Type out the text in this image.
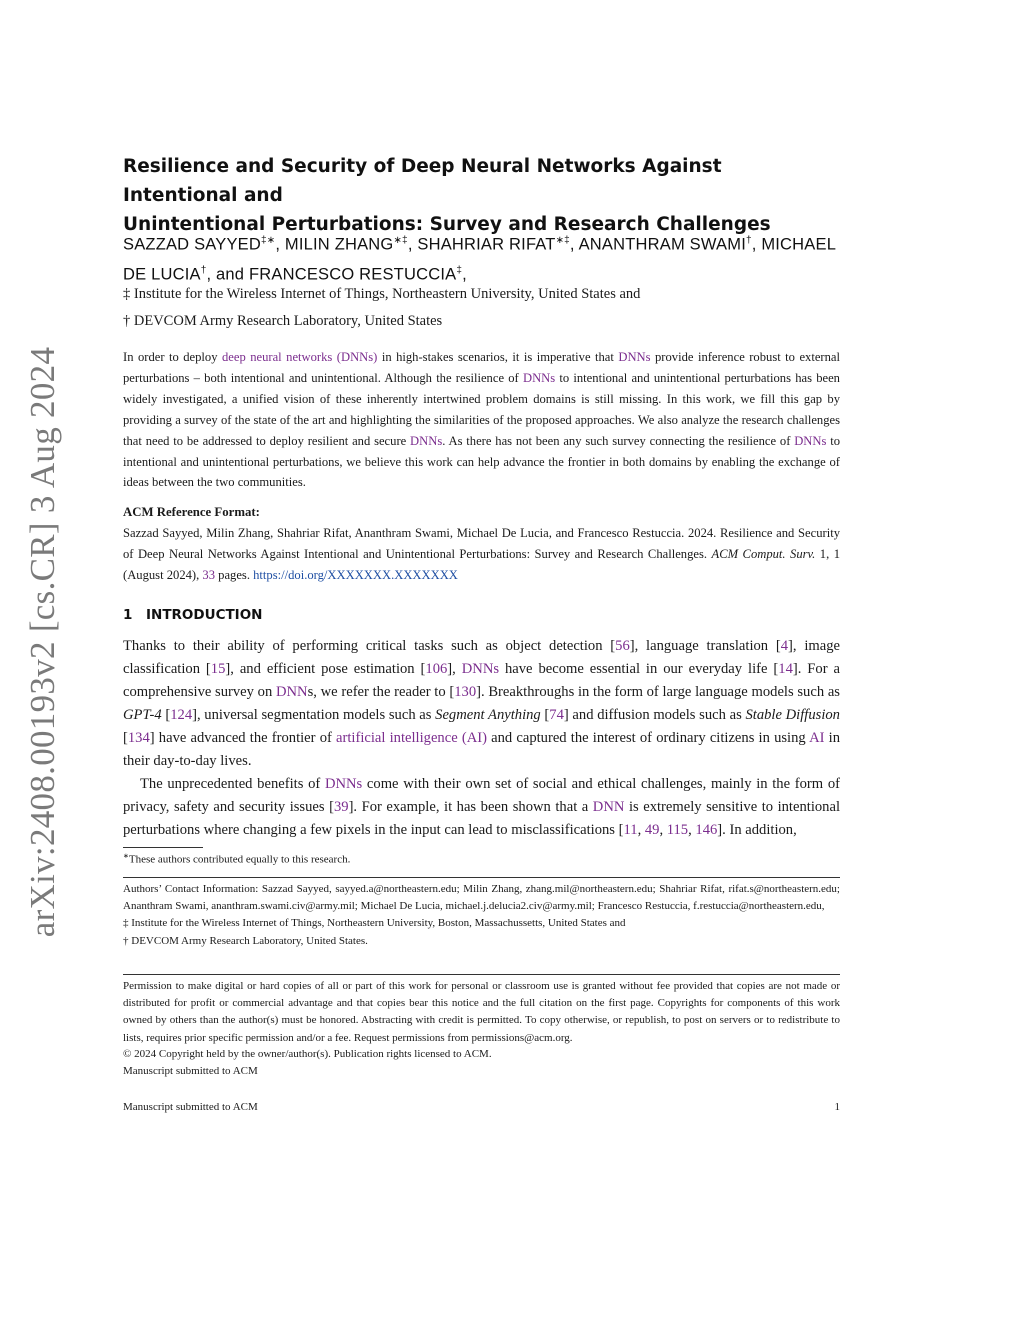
arXiv:2408.00193v2 [cs.CR] 3 Aug 2024
Resilience and Security of Deep Neural Networks Against Intentional and
Unintentional Perturbations: Survey and Research Challenges
SAZZAD SAYYED‡∗, MILIN ZHANG∗‡, SHAHRIAR RIFAT∗‡, ANANTHRAM SWAMI†, MICHAEL DE LUCIA†, and FRANCESCO RESTUCCIA‡,
‡ Institute for the Wireless Internet of Things, Northeastern University, United States and
† DEVCOM Army Research Laboratory, United States

In order to deploy deep neural networks (DNNs) in high-stakes scenarios, it is imperative that DNNs provide inference robust to external perturbations – both intentional and unintentional. Although the resilience of DNNs to intentional and unintentional perturbations has been widely investigated, a unified vision of these inherently intertwined problem domains is still missing. In this work, we fill this gap by providing a survey of the state of the art and highlighting the similarities of the proposed approaches. We also analyze the research challenges that need to be addressed to deploy resilient and secure DNNs. As there has not been any such survey connecting the resilience of DNNs to intentional and unintentional perturbations, we believe this work can help advance the frontier in both domains by enabling the exchange of ideas between the two communities.

ACM Reference Format:

Sazzad Sayyed, Milin Zhang, Shahriar Rifat, Ananthram Swami, Michael De Lucia, and Francesco Restuccia. 2024. Resilience and Security of Deep Neural Networks Against Intentional and Unintentional Perturbations: Survey and Research Challenges. ACM Comput. Surv. 1, 1 (August 2024), 33 pages. https://doi.org/XXXXXXX.XXXXXXX

1 INTRODUCTION

Thanks to their ability of performing critical tasks such as object detection [56], language translation [4], image classification [15], and efficient pose estimation [106], DNNs have become essential in our everyday life [14]. For a comprehensive survey on DNNs, we refer the reader to [130]. Breakthroughs in the form of large language models such as GPT-4 [124], universal segmentation models such as Segment Anything [74] and diffusion models such as Stable Diffusion [134] have advanced the frontier of artificial intelligence (AI) and captured the interest of ordinary citizens in using AI in their day-to-day lives.

The unprecedented benefits of DNNs come with their own set of social and ethical challenges, mainly in the form of privacy, safety and security issues [39]. For example, it has been shown that a DNN is extremely sensitive to intentional perturbations where changing a few pixels in the input can lead to misclassifications [11, 49, 115, 146]. In addition,

∗These authors contributed equally to this research.
Authors’ Contact Information: Sazzad Sayyed, sayyed.a@northeastern.edu; Milin Zhang, zhang.mil@northeastern.edu; Shahriar Rifat, rifat.s@northeastern.edu; Ananthram Swami, ananthram.swami.civ@army.mil; Michael De Lucia, michael.j.delucia2.civ@army.mil; Francesco Restuccia, f.restuccia@northeastern.edu,
‡ Institute for the Wireless Internet of Things, Northeastern University, Boston, Massachussetts, United States and
† DEVCOM Army Research Laboratory, United States.

Permission to make digital or hard copies of all or part of this work for personal or classroom use is granted without fee provided that copies are not made or distributed for profit or commercial advantage and that copies bear this notice and the full citation on the first page. Copyrights for components of this work owned by others than the author(s) must be honored. Abstracting with credit is permitted. To copy otherwise, or republish, to post on servers or to redistribute to lists, requires prior specific permission and/or a fee. Request permissions from permissions@acm.org.

© 2024 Copyright held by the owner/author(s). Publication rights licensed to ACM.
Manuscript submitted to ACM
Manuscript submitted to ACM	1
